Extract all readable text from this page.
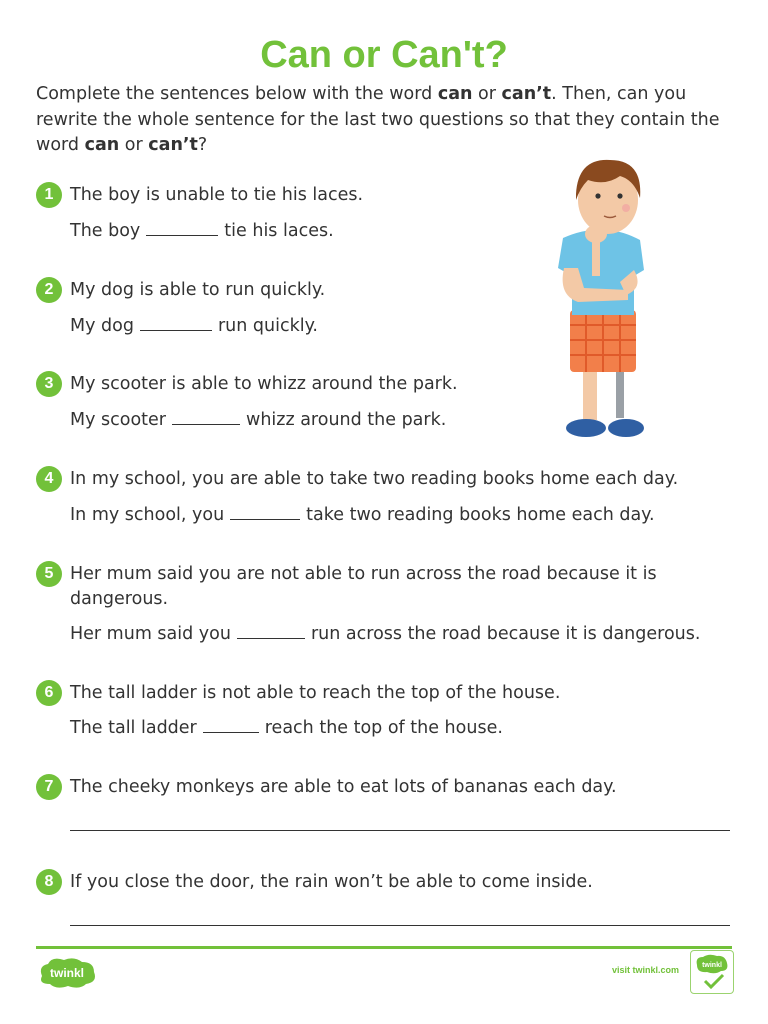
Can or Can't?
Complete the sentences below with the word can or can’t. Then, can you rewrite the whole sentence for the last two questions so that they contain the word can or can’t?
1 The boy is unable to tie his laces.
The boy	tie his laces.
2 My dog is able to run quickly.
My dog	run quickly.
3 My scooter is able to whizz around the park.
My scooter	whizz around the park.
4 In my school, you are able to take two reading books home each day.
In my school, you	take two reading books home each day.
5 Her mum said you are not able to run across the road because it is
dangerous.
Her mum said you	run across the road because it is dangerous.
6 The tall ladder is not able to reach the top of the house.
The tall ladder	reach the top of the house.
7 The cheeky monkeys are able to eat lots of bananas each day.
8 If you close the door, the rain won’t be able to come inside.
twinkl	visit twinkl.com	twinkl
